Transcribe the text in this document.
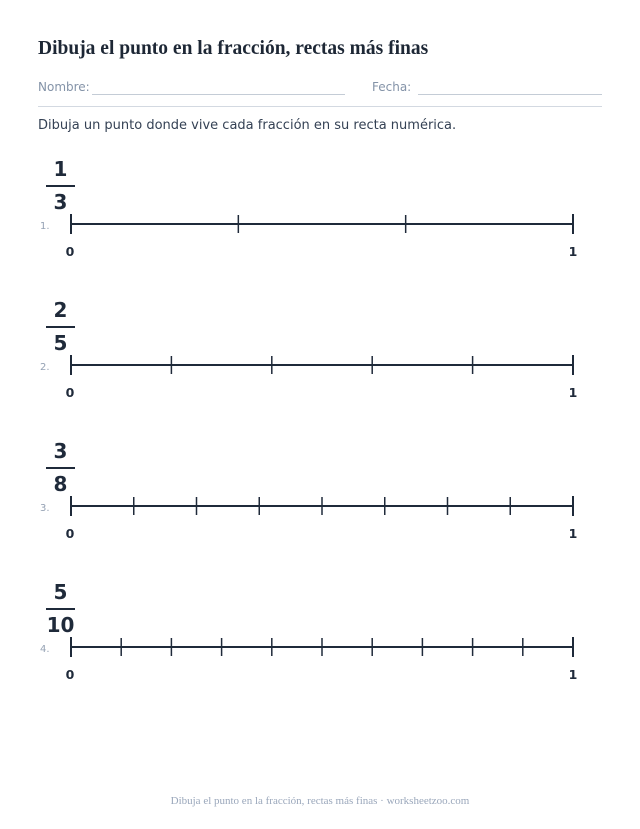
Dibuja el punto en la fracción, rectas más finas
Nombre:	Fecha:
Dibuja un punto donde vive cada fracción en su recta numérica.
1
3
1.
0	1
2
5
2.
0	1
3
8
3.
0	1
5
10
4.
0	1
Dibuja el punto en la fracción, rectas más finas · worksheetzoo.com
